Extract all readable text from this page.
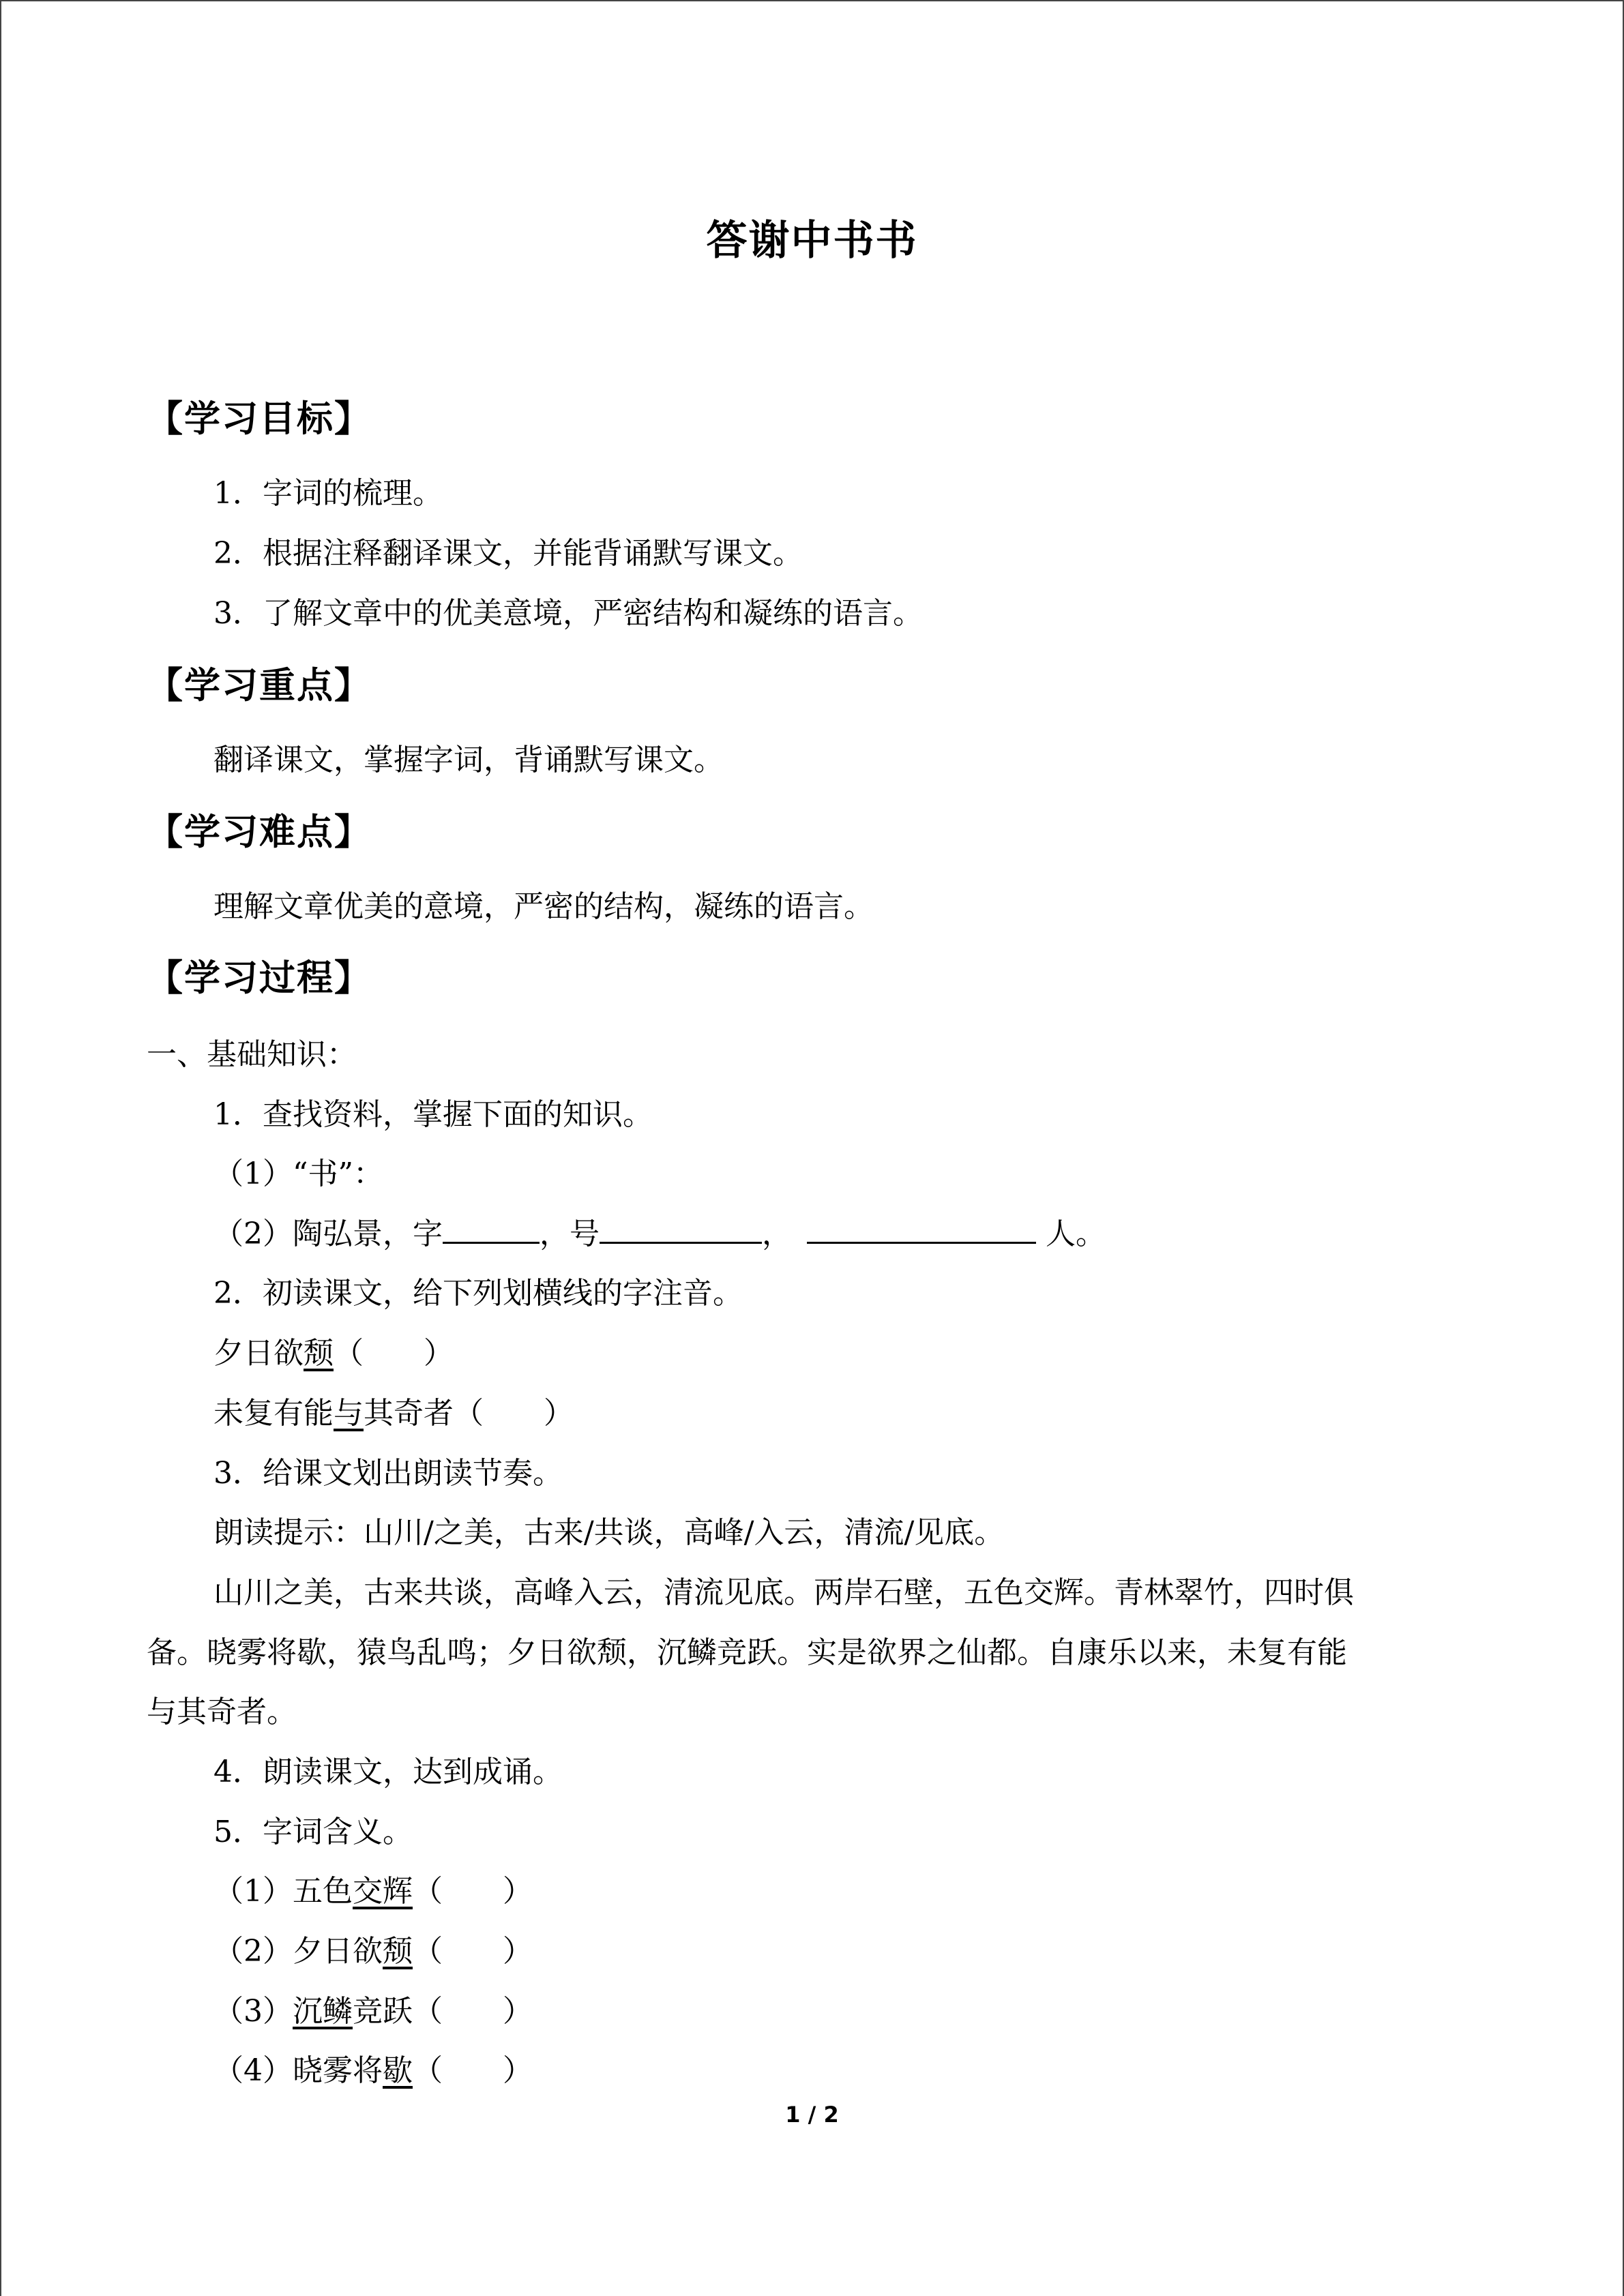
答谢中书书
【学习目标】
1．字词的梳理。
2．根据注释翻译课文，并能背诵默写课文。
3．了解文章中的优美意境，严密结构和凝练的语言。
【学习重点】
翻译课文，掌握字词，背诵默写课文。
【学习难点】
理解文章优美的意境，严密的结构，凝练的语言。
【学习过程】
一、基础知识：
1．查找资料，掌握下面的知识。
（1）“书”：
（2）陶弘景，字	，号	，	人。
2．初读课文，给下列划横线的字注音。
夕日欲颓（　　）
未复有能与其奇者（　　）
3．给课文划出朗读节奏。
朗读提示：山川/之美，古来/共谈，高峰/入云，清流/见底。
山川之美，古来共谈，高峰入云，清流见底。两岸石壁，五色交辉。青林翠竹，四时俱
备。晓雾将歇，猿鸟乱鸣；夕日欲颓，沉鳞竞跃。实是欲界之仙都。自康乐以来，未复有能
与其奇者。
4．朗读课文，达到成诵。
5．字词含义。
（1）五色交辉（　　）
（2）夕日欲颓（　　）
（3）沉鳞竞跃（　　）
（4）晓雾将歇（　　）
1 / 2
